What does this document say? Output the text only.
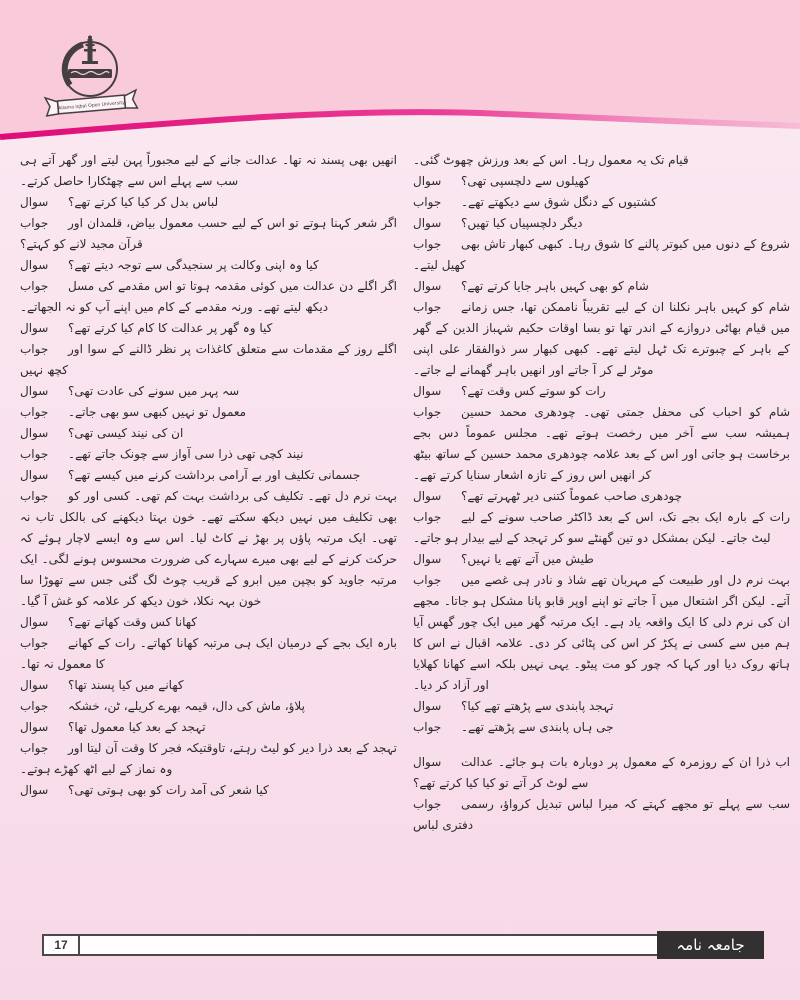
Allama Iqbal Open University
قیام تک یہ معمول رہا۔ اس کے بعد ورزش چھوٹ گئی۔
سوال	کھیلوں سے دلچسپی تھی؟
جواب	کشتیوں کے دنگل شوق سے دیکھتے تھے۔
سوال	دیگر دلچسپیاں کیا تھیں؟
جواب	شروع کے دنوں میں کبوتر پالنے کا شوق رہا۔ کبھی کبھار تاش بھی کھیل لیتے۔
سوال	شام کو بھی کہیں باہر جایا کرتے تھے؟
جواب	شام کو کہیں باہر نکلنا ان کے لیے تقریباً ناممکن تھا، جس زمانے میں قیام بھاٹی دروازے کے اندر تھا تو بسا اوقات حکیم شہباز الدین کے گھر کے باہر کے چبوترے تک ٹہل لیتے تھے۔ کبھی کبھار سر ذوالفقار علی اپنی موٹر لے کر آ جاتے اور انھیں باہر گھمانے لے جاتے۔
سوال	رات کو سوتے کس وقت تھے؟
جواب	شام کو احباب کی محفل جمتی تھی۔ چودھری محمد حسین ہمیشہ سب سے آخر میں رخصت ہوتے تھے۔ مجلس عموماً دس بجے برخاست ہو جاتی اور اس کے بعد علامہ چودھری محمد حسین کے ساتھ بیٹھ کر انھیں اس روز کے تازہ اشعار سنایا کرتے تھے۔
سوال	چودھری صاحب عموماً کتنی دیر ٹھہرتے تھے؟
جواب	رات کے بارہ ایک بجے تک، اس کے بعد ڈاکٹر صاحب سونے کے لیے لیٹ جاتے۔ لیکن بمشکل دو تین گھنٹے سو کر تہجد کے لیے بیدار ہو جاتے۔
سوال	طیش میں آتے تھے یا نہیں؟
جواب	بہت نرم دل اور طبیعت کے مہربان تھے شاذ و نادر ہی غصے میں آتے۔ لیکن اگر اشتعال میں آ جاتے تو اپنے اوپر قابو پانا مشکل ہو جاتا۔ مجھے ان کی نرم دلی کا ایک واقعہ یاد ہے۔ ایک مرتبہ گھر میں ایک چور گھس آیا ہم میں سے کسی نے پکڑ کر اس کی پٹائی کر دی۔ علامہ اقبال نے اس کا ہاتھ روک دیا اور کہا کہ چور کو مت پیٹو۔ یہی نہیں بلکہ اسے کھانا کھلایا اور آزاد کر دیا۔
سوال	تہجد پابندی سے پڑھتے تھے کیا؟
جواب	جی ہاں پابندی سے پڑھتے تھے۔
سوال	اب ذرا ان کے روزمرہ کے معمول پر دوبارہ بات ہو جائے۔ عدالت سے لوٹ کر آتے تو کیا کیا کرتے تھے؟
جواب	سب سے پہلے تو مجھے کہتے کہ میرا لباس تبدیل کرواؤ، رسمی دفتری لباس
انھیں بھی پسند نہ تھا۔ عدالت جانے کے لیے مجبوراً پہن لیتے اور گھر آتے ہی سب سے پہلے اس سے چھٹکارا حاصل کرتے۔
سوال	لباس بدل کر کیا کیا کرتے تھے؟
جواب	اگر شعر کہنا ہوتے تو اس کے لیے حسب معمول بیاض، قلمدان اور قرآن مجید لانے کو کہتے؟
سوال	کیا وہ اپنی وکالت پر سنجیدگی سے توجہ دیتے تھے؟
جواب	اگر اگلے دن عدالت میں کوئی مقدمہ ہوتا تو اس مقدمے کی مسل دیکھ لیتے تھے۔ ورنہ مقدمے کے کام میں اپنے آپ کو نہ الجھاتے۔
سوال	کیا وہ گھر پر عدالت کا کام کیا کرتے تھے؟
جواب	اگلے روز کے مقدمات سے متعلق کاغذات پر نظر ڈالنے کے سوا اور کچھ نہیں
سوال	سہ پہر میں سونے کی عادت تھی؟
جواب	معمول تو نہیں کبھی سو بھی جاتے۔
سوال	ان کی نیند کیسی تھی؟
جواب	نیند کچی تھی ذرا سی آواز سے چونک جاتے تھے۔
سوال	جسمانی تکلیف اور بے آرامی برداشت کرنے میں کیسے تھے؟
جواب	بہت نرم دل تھے۔ تکلیف کی برداشت بہت کم تھی۔ کسی اور کو بھی تکلیف میں نہیں دیکھ سکتے تھے۔ خون بہتا دیکھنے کی بالکل تاب نہ تھی۔ ایک مرتبہ پاؤں پر بھڑ نے کاٹ لیا۔ اس سے وہ ایسے لاچار ہوئے کہ حرکت کرنے کے لیے بھی میرے سہارے کی ضرورت محسوس ہونے لگی۔ ایک مرتبہ جاوید کو بچپن میں ابرو کے قریب چوٹ لگ گئی جس سے تھوڑا سا خون بہہ نکلا، خون دیکھ کر علامہ کو غش آ گیا۔
سوال	کھانا کس وقت کھاتے تھے؟
جواب	بارہ ایک بجے کے درمیان ایک ہی مرتبہ کھانا کھاتے۔ رات کے کھانے کا معمول نہ تھا۔
سوال	کھانے میں کیا پسند تھا؟
جواب	پلاؤ، ماش کی دال، قیمہ بھرے کریلے، ٹن، خشکہ
سوال	تہجد کے بعد کیا معمول تھا؟
جواب	تہجد کے بعد ذرا دیر کو لیٹ رہتے، تاوقتیکہ فجر کا وقت آن لیتا اور وہ نماز کے لیے اٹھ کھڑے ہوتے۔
سوال	کیا شعر کی آمد رات کو بھی ہوتی تھی؟
17	جامعہ نامہ
